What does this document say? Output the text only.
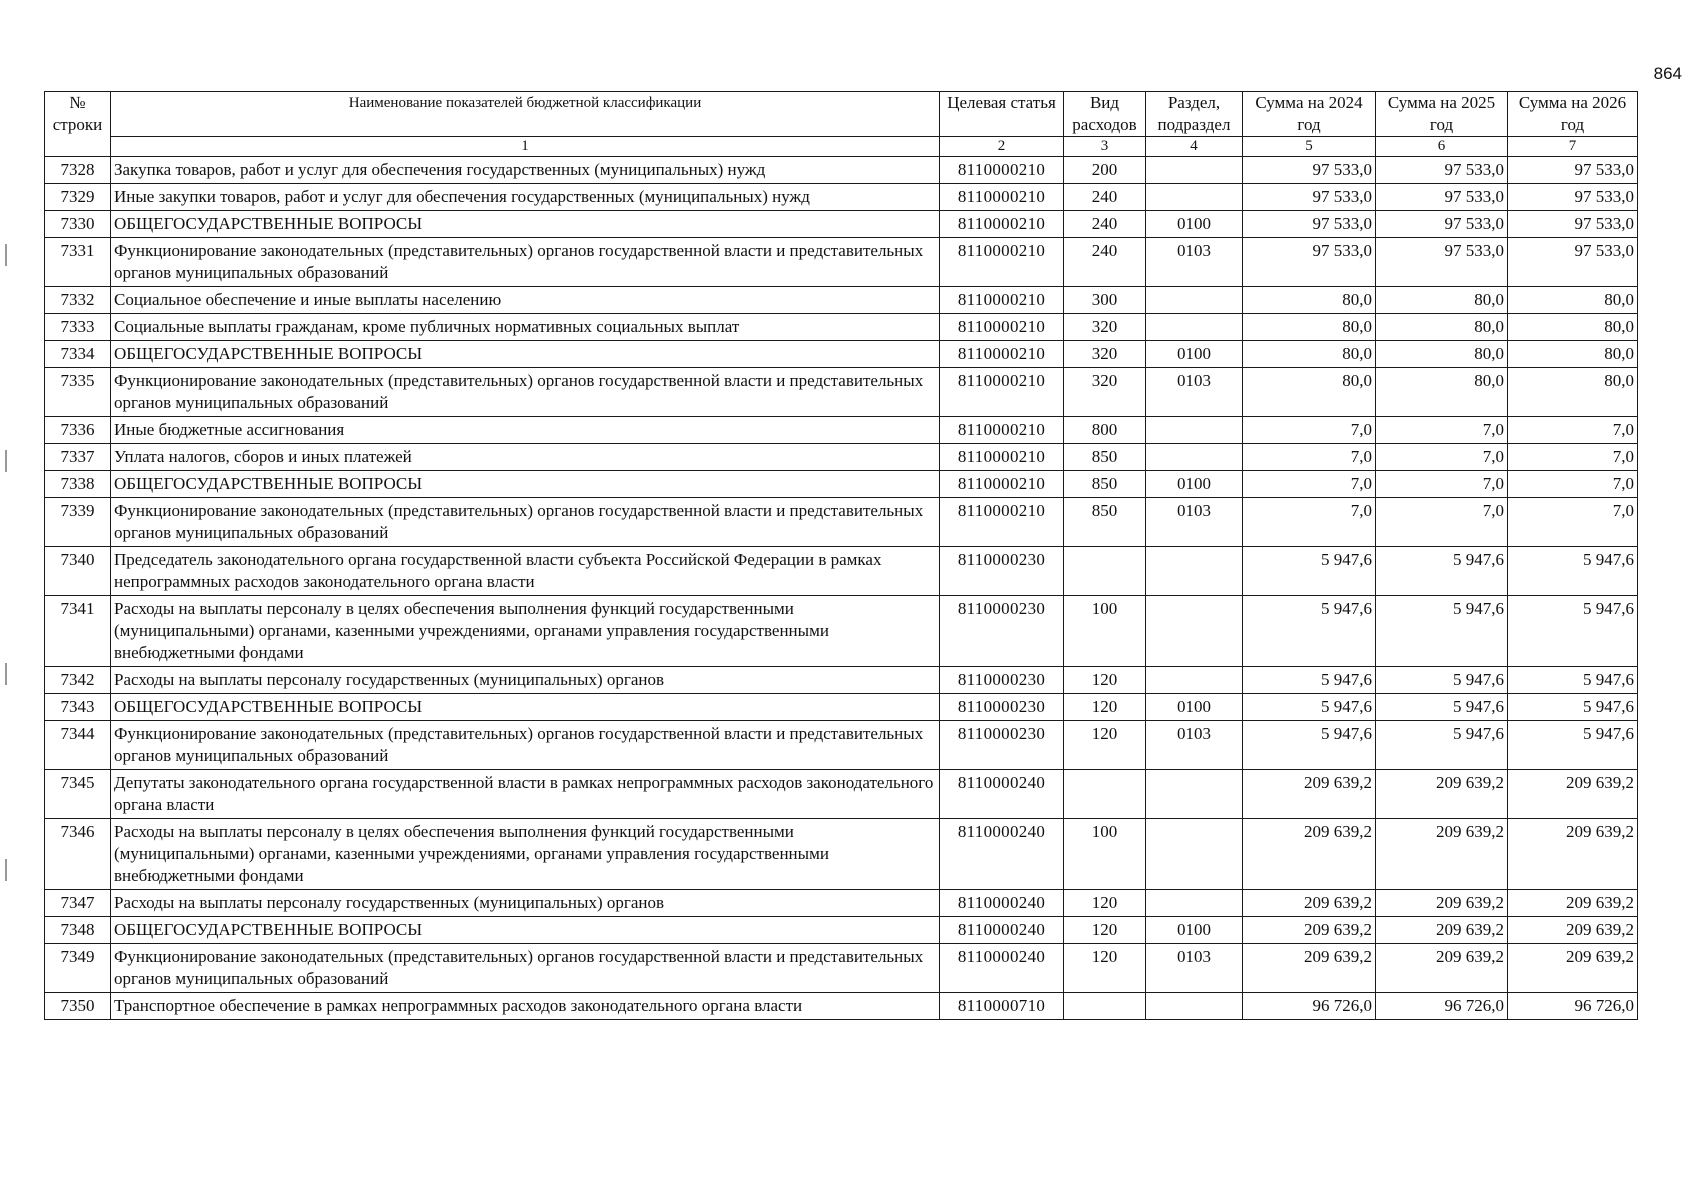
864
№ строки	Наименование показателей бюджетной классификации	Целевая статья	Вид расходов	Раздел, подраздел	Сумма на 2024 год	Сумма на 2025 год	Сумма на 2026 год
	1	2	3	4	5	6	7
7328	Закупка товаров, работ и услуг для обеспечения государственных (муниципальных) нужд	8110000210	200		97 533,0	97 533,0	97 533,0
7329	Иные закупки товаров, работ и услуг для обеспечения государственных (муниципальных) нужд	8110000210	240		97 533,0	97 533,0	97 533,0
7330	ОБЩЕГОСУДАРСТВЕННЫЕ ВОПРОСЫ	8110000210	240	0100	97 533,0	97 533,0	97 533,0
7331	Функционирование законодательных (представительных) органов государственной власти и представительных органов муниципальных образований	8110000210	240	0103	97 533,0	97 533,0	97 533,0
7332	Социальное обеспечение и иные выплаты населению	8110000210	300		80,0	80,0	80,0
7333	Социальные выплаты гражданам, кроме публичных нормативных социальных выплат	8110000210	320		80,0	80,0	80,0
7334	ОБЩЕГОСУДАРСТВЕННЫЕ ВОПРОСЫ	8110000210	320	0100	80,0	80,0	80,0
7335	Функционирование законодательных (представительных) органов государственной власти и представительных органов муниципальных образований	8110000210	320	0103	80,0	80,0	80,0
7336	Иные бюджетные ассигнования	8110000210	800		7,0	7,0	7,0
7337	Уплата налогов, сборов и иных платежей	8110000210	850		7,0	7,0	7,0
7338	ОБЩЕГОСУДАРСТВЕННЫЕ ВОПРОСЫ	8110000210	850	0100	7,0	7,0	7,0
7339	Функционирование законодательных (представительных) органов государственной власти и представительных органов муниципальных образований	8110000210	850	0103	7,0	7,0	7,0
7340	Председатель законодательного органа государственной власти субъекта Российской Федерации в рамках непрограммных расходов законодательного органа власти	8110000230			5 947,6	5 947,6	5 947,6
7341	Расходы на выплаты персоналу в целях обеспечения выполнения функций государственными (муниципальными) органами, казенными учреждениями, органами управления государственными внебюджетными фондами	8110000230	100		5 947,6	5 947,6	5 947,6
7342	Расходы на выплаты персоналу государственных (муниципальных) органов	8110000230	120		5 947,6	5 947,6	5 947,6
7343	ОБЩЕГОСУДАРСТВЕННЫЕ ВОПРОСЫ	8110000230	120	0100	5 947,6	5 947,6	5 947,6
7344	Функционирование законодательных (представительных) органов государственной власти и представительных органов муниципальных образований	8110000230	120	0103	5 947,6	5 947,6	5 947,6
7345	Депутаты законодательного органа государственной власти в рамках непрограммных расходов законодательного органа власти	8110000240			209 639,2	209 639,2	209 639,2
7346	Расходы на выплаты персоналу в целях обеспечения выполнения функций государственными (муниципальными) органами, казенными учреждениями, органами управления государственными внебюджетными фондами	8110000240	100		209 639,2	209 639,2	209 639,2
7347	Расходы на выплаты персоналу государственных (муниципальных) органов	8110000240	120		209 639,2	209 639,2	209 639,2
7348	ОБЩЕГОСУДАРСТВЕННЫЕ ВОПРОСЫ	8110000240	120	0100	209 639,2	209 639,2	209 639,2
7349	Функционирование законодательных (представительных) органов государственной власти и представительных органов муниципальных образований	8110000240	120	0103	209 639,2	209 639,2	209 639,2
7350	Транспортное обеспечение в рамках непрограммных расходов законодательного органа власти	8110000710			96 726,0	96 726,0	96 726,0
